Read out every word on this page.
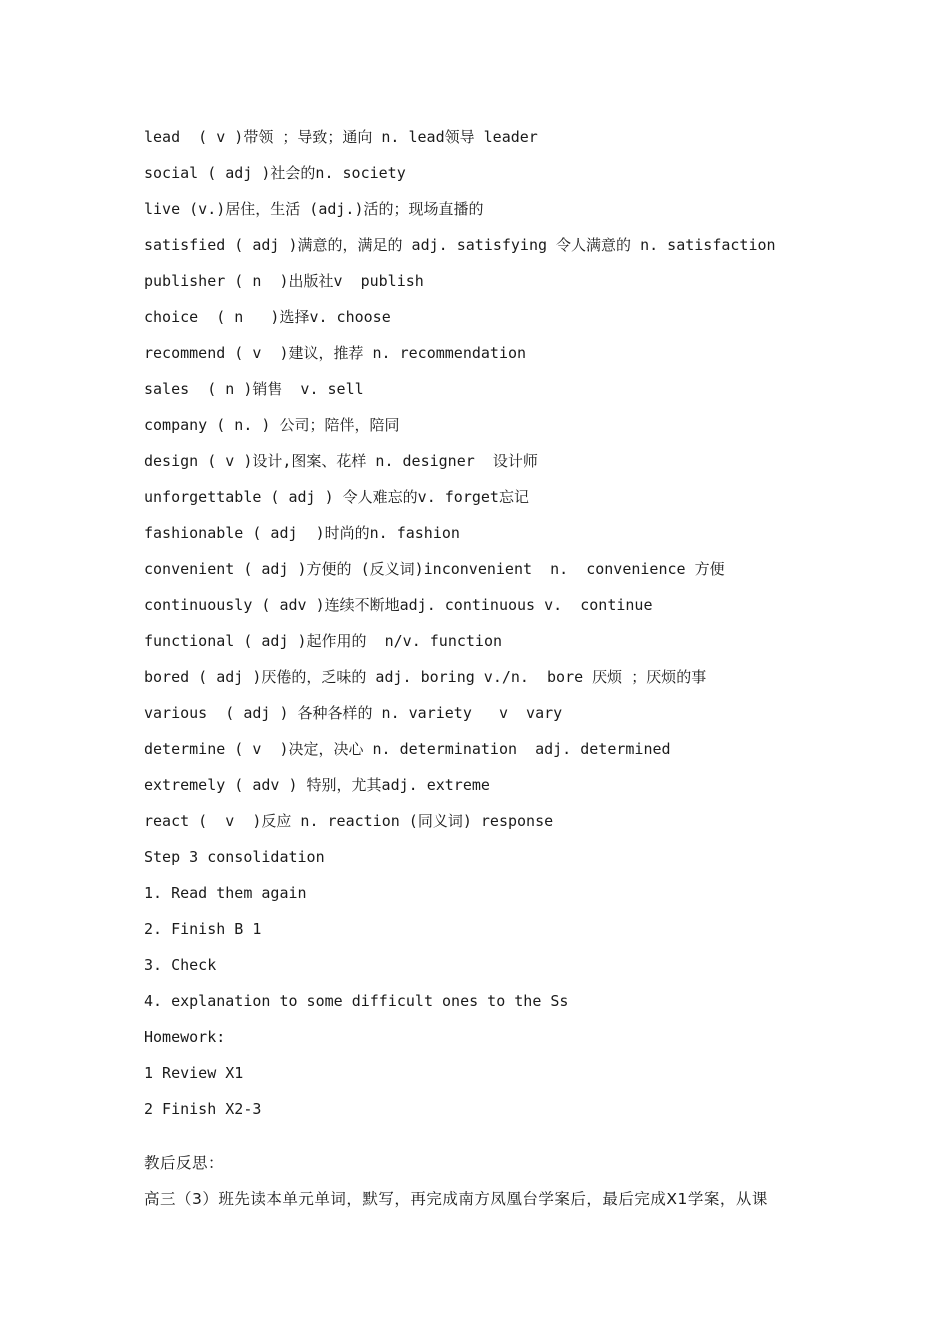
lead  ( v )带领 ；导致；通向 n. lead领导 leader
social ( adj )社会的n. society
live (v.)居住，生活 (adj.)活的；现场直播的
satisfied ( adj )满意的，满足的 adj. satisfying 令人满意的 n. satisfaction
publisher ( n  )出版社v  publish
choice  ( n   )选择v. choose
recommend ( v  )建议，推荐 n. recommendation
sales  ( n )销售  v. sell
company ( n. ) 公司；陪伴，陪同
design ( v )设计,图案、花样 n. designer  设计师
unforgettable ( adj ) 令人难忘的v. forget忘记
fashionable ( adj  )时尚的n. fashion
convenient ( adj )方便的 (反义词)inconvenient  n.  convenience 方便
continuously ( adv )连续不断地adj. continuous v.  continue
functional ( adj )起作用的  n/v. function
bored ( adj )厌倦的，乏味的 adj. boring v./n.  bore 厌烦 ；厌烦的事
various  ( adj ) 各种各样的 n. variety   v  vary
determine ( v  )决定，决心 n. determination  adj. determined
extremely ( adv ) 特别，尤其adj. extreme
react (  v  )反应 n. reaction (同义词) response
Step 3 consolidation
1. Read them again
2. Finish B 1
3. Check
4. explanation to some difficult ones to the Ss
Homework:
1 Review X1
2 Finish X2-3
教后反思：
高三（3）班先读本单元单词，默写，再完成南方凤凰台学案后，最后完成X1学案，从课
